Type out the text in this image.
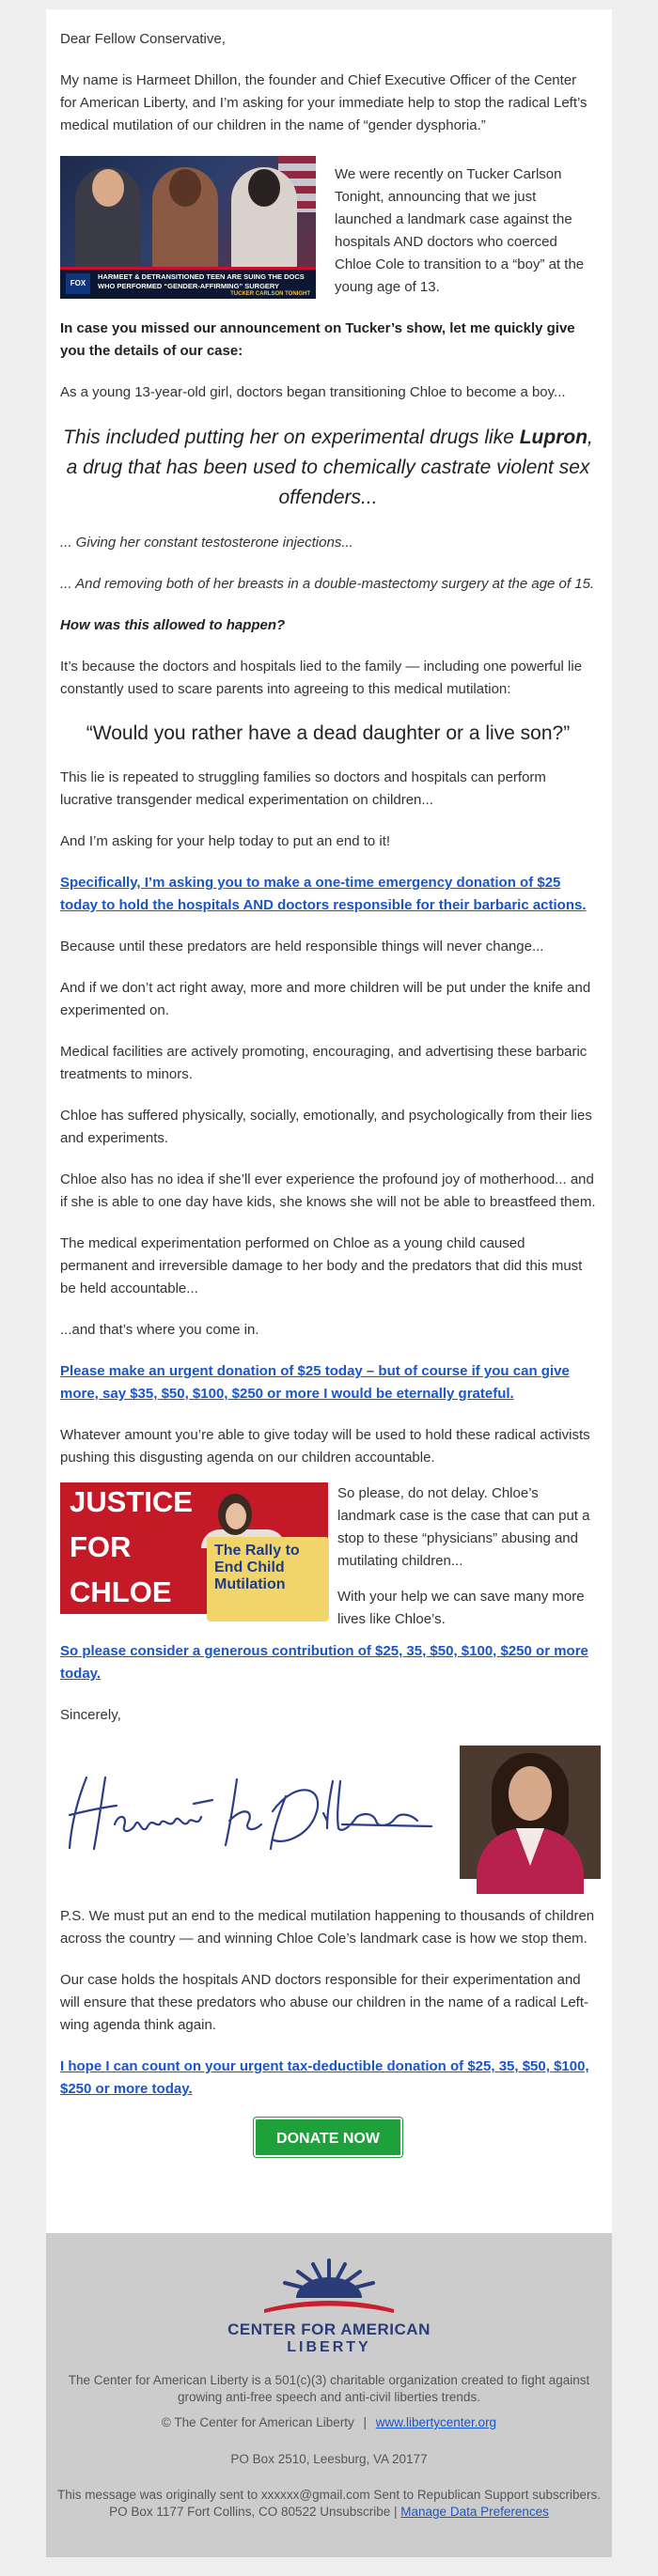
Dear Fellow Conservative,

My name is Harmeet Dhillon, the founder and Chief Executive Officer of the Center for American Liberty, and I’m asking for your immediate help to stop the radical Left’s medical mutilation of our children in the name of “gender dysphoria.”

FOX NEWS
HARMEET & DETRANSITIONED TEEN ARE SUING THE DOCS WHO PERFORMED “GENDER-AFFIRMING” SURGERY
TUCKER CARLSON TONIGHT

We were recently on Tucker Carlson Tonight, announcing that we just launched a landmark case against the hospitals AND doctors who coerced Chloe Cole to transition to a “boy” at the young age of 13.

In case you missed our announcement on Tucker’s show, let me quickly give you the details of our case:

As a young 13-year-old girl, doctors began transitioning Chloe to become a boy...

This included putting her on experimental drugs like Lupron, a drug that has been used to chemically castrate violent sex offenders...

... Giving her constant testosterone injections...

... And removing both of her breasts in a double-mastectomy surgery at the age of 15.

How was this allowed to happen?

It’s because the doctors and hospitals lied to the family — including one powerful lie constantly used to scare parents into agreeing to this medical mutilation:

“Would you rather have a dead daughter or a live son?”

This lie is repeated to struggling families so doctors and hospitals can perform lucrative transgender medical experimentation on children...

And I’m asking for your help today to put an end to it!

Specifically, I’m asking you to make a one-time emergency donation of $25 today to hold the hospitals AND doctors responsible for their barbaric actions.

Because until these predators are held responsible things will never change...

And if we don’t act right away, more and more children will be put under the knife and experimented on.

Medical facilities are actively promoting, encouraging, and advertising these barbaric treatments to minors.

Chloe has suffered physically, socially, emotionally, and psychologically from their lies and experiments.

Chloe also has no idea if she’ll ever experience the profound joy of motherhood... and if she is able to one day have kids, she knows she will not be able to breastfeed them.

The medical experimentation performed on Chloe as a young child caused permanent and irreversible damage to her body and the predators that did this must be held accountable...

...and that’s where you come in.

Please make an urgent donation of $25 today – but of course if you can give more, say $35, $50, $100, $250 or more I would be eternally grateful.

Whatever amount you’re able to give today will be used to hold these radical activists pushing this disgusting agenda on our children accountable.

JUSTICE
FOR
CHLOE
The Rally to End Child Mutilation

So please, do not delay. Chloe’s landmark case is the case that can put a stop to these “physicians” abusing and mutilating children...

With your help we can save many more lives like Chloe’s.

So please consider a generous contribution of $25, 35, $50, $100, $250 or more today.

Sincerely,

P.S. We must put an end to the medical mutilation happening to thousands of children across the country — and winning Chloe Cole’s landmark case is how we stop them.

Our case holds the hospitals AND doctors responsible for their experimentation and will ensure that these predators who abuse our children in the name of a radical Left-wing agenda think again.

I hope I can count on your urgent tax-deductible donation of $25, 35, $50, $100, $250 or more today.
DONATE NOW
CENTER FOR AMERICAN
LIBERTY

The Center for American Liberty is a 501(c)(3) charitable organization created to fight against growing anti-free speech and anti-civil liberties trends.

© The Center for American Liberty | www.libertycenter.org

PO Box 2510, Leesburg, VA 20177

This message was originally sent to xxxxxx@gmail.com Sent to Republican Support subscribers. PO Box 1177 Fort Collins, CO 80522 Unsubscribe | Manage Data Preferences
